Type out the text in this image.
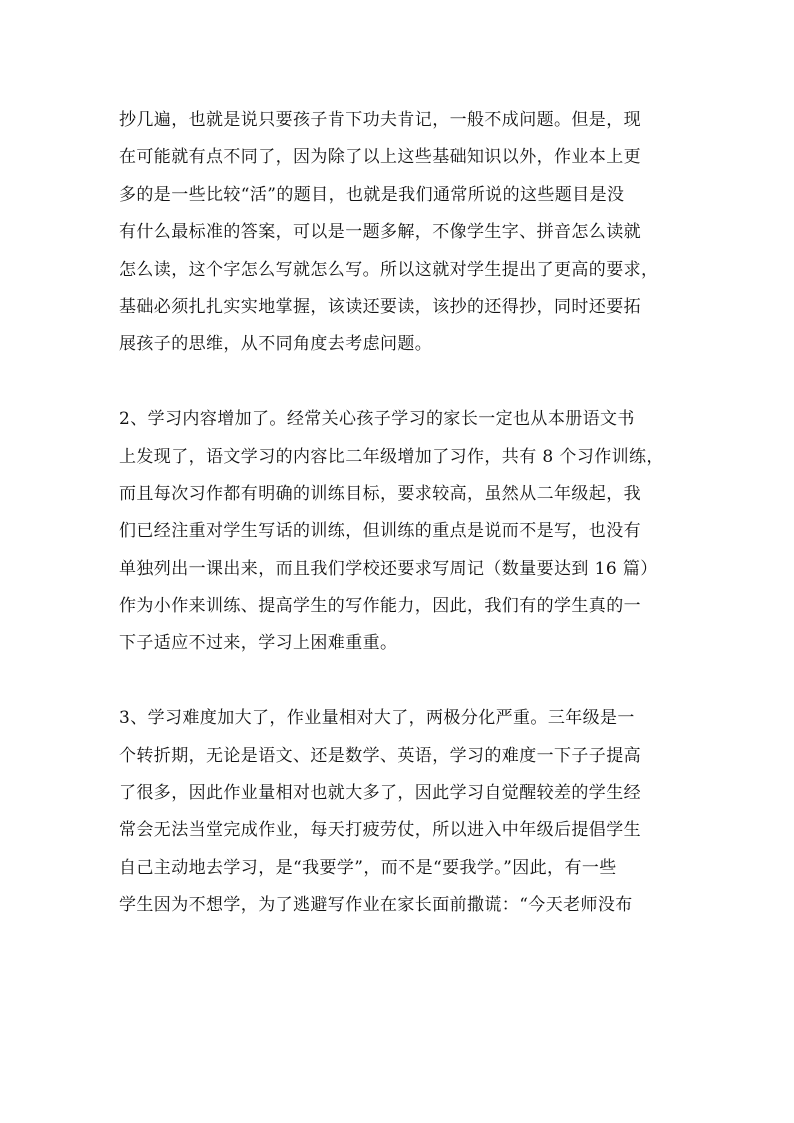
抄几遍，也就是说只要孩子肯下功夫肯记，一般不成问题。但是，现
在可能就有点不同了，因为除了以上这些基础知识以外，作业本上更
多的是一些比较“活”的题目，也就是我们通常所说的这些题目是没
有什么最标准的答案，可以是一题多解，不像学生字、拼音怎么读就
怎么读，这个字怎么写就怎么写。所以这就对学生提出了更高的要求，
基础必须扎扎实实地掌握，该读还要读，该抄的还得抄，同时还要拓
展孩子的思维，从不同角度去考虑问题。

2、学习内容增加了。经常关心孩子学习的家长一定也从本册语文书
上发现了，语文学习的内容比二年级增加了习作，共有 8 个习作训练，
而且每次习作都有明确的训练目标，要求较高，虽然从二年级起，我
们已经注重对学生写话的训练，但训练的重点是说而不是写，也没有
单独列出一课出来，而且我们学校还要求写周记（数量要达到 16 篇）
作为小作来训练、提高学生的写作能力，因此，我们有的学生真的一
下子适应不过来，学习上困难重重。

3、学习难度加大了，作业量相对大了，两极分化严重。三年级是一
个转折期，无论是语文、还是数学、英语，学习的难度一下子子提高
了很多，因此作业量相对也就大多了，因此学习自觉醒较差的学生经
常会无法当堂完成作业，每天打疲劳仗，所以进入中年级后提倡学生
自己主动地去学习，是“我要学”，而不是“要我学。”因此，有一些
学生因为不想学，为了逃避写作业在家长面前撒谎：“今天老师没布
